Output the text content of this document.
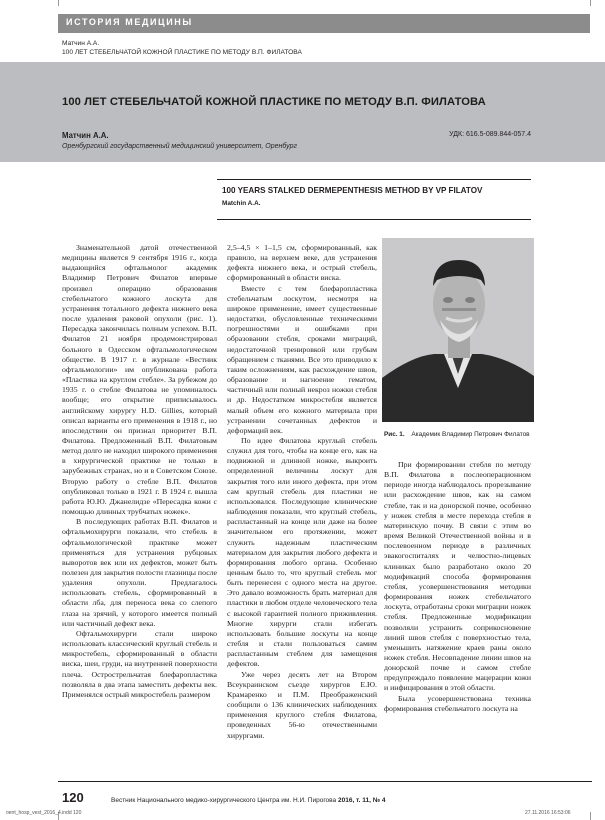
ИСТОРИЯ МЕДИЦИНЫ
Матчин А.А.
100 ЛЕТ СТЕБЕЛЬЧАТОЙ КОЖНОЙ ПЛАСТИКЕ ПО МЕТОДУ В.П. ФИЛАТОВА
100 ЛЕТ СТЕБЕЛЬЧАТОЙ КОЖНОЙ ПЛАСТИКЕ ПО МЕТОДУ В.П. ФИЛАТОВА
Матчин А.А.
Оренбургский государственный медицинский университет, Оренбург
УДК: 616.5-089.844-057.4
100 YEARS STALKED DERMEPENTHESIS METHOD BY VP FILATOV
Matchin A.A.

Знаменательной датой отечественной медицины является 9 сентября 1916 г., когда выдающийся офтальмолог академик Владимир Петрович Филатов впервые произвел операцию образования стебельчатого кожного лоскута для устранения тотального дефекта нижнего века после удаления раковой опухоли (рис. 1). Пересадка закончилась полным успехом. В.П. Филатов 21 ноября продемонстрировал больного в Одесском офтальмологическом обществе. В 1917 г. в журнале «Вестник офтальмологии» им опубликована работа «Пластика на круглом стебле». За рубежом до 1935 г. о стебле Филатова не упоминалось вообще; его открытие приписывалось английскому хирургу H.D. Gillies, который описал варианты его применения в 1918 г., но впоследствии он признал приоритет В.П. Филатова. Предложенный В.П. Филатовым метод долго не находил широкого применения в хирургической практике не только в зарубежных странах, но и в Советском Союзе. Вторую работу о стебле В.П. Филатов опубликовал только в 1921 г. В 1924 г. вышла работа Ю.Ю. Джанелидзе «Пересадка кожи с помощью длинных трубчатых ножек».

В последующих работах В.П. Филатов и офтальмохирурги показали, что стебель в офтальмологической практике может применяться для устранения рубцовых выворотов век или их дефектов, может быть полезен для закрытия полости глазницы после удаления опухоли. Предлагалось использовать стебель, сформированный в области лба, для переноса века со слепого глаза на зрячий, у которого имеется полный или частичный дефект века.

Офтальмохирурги стали широко использовать классический круглый стебель и микростебель, сформированный в области виска, шеи, груди, на внутренней поверхности плеча. Острострельчатая блефаропластика позволяла в два этапа заместить дефекты век. Применялся острый микростебель размером

2,5–4,5 × 1–1,5 см, сформированный, как правило, на верхнем веке, для устранения дефекта нижнего века, и острый стебель, сформированный в области виска.

Вместе с тем блефаропластика стебельчатым лоскутом, несмотря на широкое применение, имеет существенные недостатки, обусловленные техническими погрешностями и ошибками при образовании стебля, сроками миграций, недостаточной тренировкой или грубым обращением с тканями. Все это приводило к таким осложнениям, как расхождение швов, образование и нагноение гематом, частичный или полный некроз ножки стебля и др. Недостатком микростебля является малый объем его кожного материала при устранении сочетанных дефектов и деформаций век.

По идее Филатова круглый стебель служил для того, чтобы на конце его, как на подвижной и длинной ножке, выкроить определенной величины лоскут для закрытия того или иного дефекта, при этом сам круглый стебель для пластики не использовался. Последующие клинические наблюдения показали, что круглый стебель, распластанный на конце или даже на более значительном его протяжении, может служить надежным пластическим материалом для закрытия любого дефекта и формирования любого органа. Особенно ценным было то, что круглый стебель мог быть перенесен с одного места на другое. Это давало возможность брать материал для пластики в любом отделе человеческого тела с высокой гарантией полного приживления. Многие хирурги стали избегать использовать большие лоскуты на конце стебля и стали пользоваться самим распластанным стеблем для замещения дефектов.

Уже через десять лет на Втором Всеукраинском съезде хирургов Е.Ю. Крамаренко и П.М. Преображенский сообщили о 136 клинических наблюдениях применения круглого стебля Филатова, проведенных 56-ю отечественными хирургами.

Рис. 1. Академик Владимир Петрович Филатов

При формировании стебля по методу В.П. Филатова в послеоперационном периоде иногда наблюдалось прорезывание или расхождение швов, как на самом стебле, так и на донорской почве, особенно у ножек стебля в месте перехода стебля в материнскую почву. В связи с этим во время Великой Отечественной войны и в послевоенном периоде в различных эвакогоспиталях и челюстно-лицевых клиниках было разработано около 20 модификаций способа формирования стебля, усовершенствования методики формирования ножек стебельчатого лоскута, отработаны сроки миграции ножек стебля. Предложенные модификации позволяли устранить соприкосновение линий швов стебля с поверхностью тела, уменьшить натяжение краев раны около ножек стебля. Несовпадение линии швов на донорской почве и самом стебле предупреждало появление мацерации кожи и инфицирования в этой области.

Была усовершенствована техника формирования стебельчатого лоскута на

120	Вестник Национального медико-хирургического Центра им. Н.И. Пирогова 2016, т. 11, № 4
oent_hosp_vest_2016_4.indd 120	27.11.2016 16:53:06
